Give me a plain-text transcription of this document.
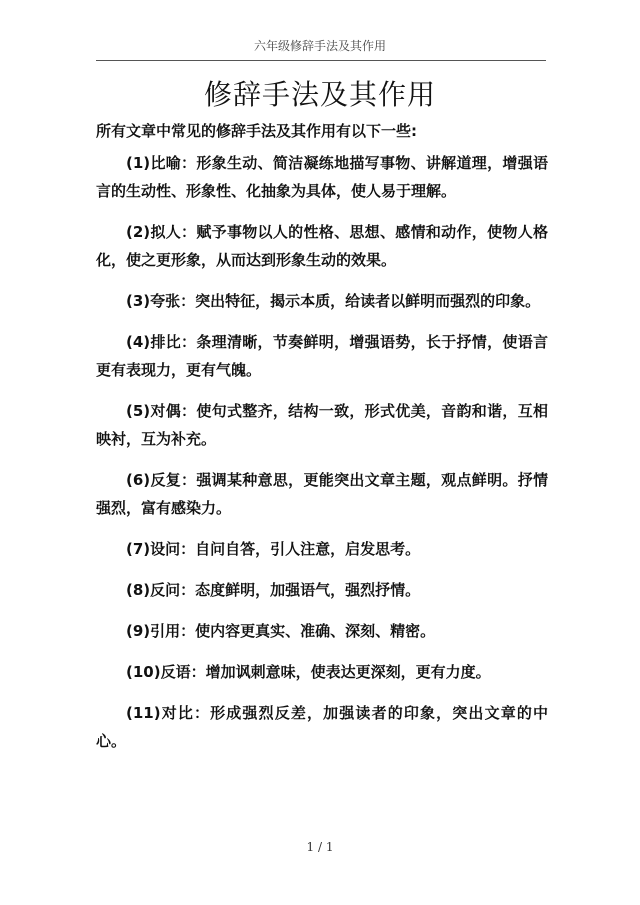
六年级修辞手法及其作用
修辞手法及其作用

所有文章中常见的修辞手法及其作用有以下一些:

(1)比喻：形象生动、简洁凝练地描写事物、讲解道理，增强语言的生动性、形象性、化抽象为具体，使人易于理解。

(2)拟人：赋予事物以人的性格、思想、感情和动作，使物人格化，使之更形象，从而达到形象生动的效果。

(3)夸张：突出特征，揭示本质，给读者以鲜明而强烈的印象。

(4)排比：条理清晰，节奏鲜明，增强语势，长于抒情，使语言更有表现力，更有气魄。

(5)对偶：使句式整齐，结构一致，形式优美，音韵和谐，互相映衬，互为补充。

(6)反复：强调某种意思，更能突出文章主题，观点鲜明。抒情强烈，富有感染力。

(7)设问：自问自答，引人注意，启发思考。

(8)反问：态度鲜明，加强语气，强烈抒情。

(9)引用：使内容更真实、准确、深刻、精密。

(10)反语：增加讽刺意味，使表达更深刻，更有力度。

(11)对比：形成强烈反差，加强读者的印象，突出文章的中心。

1 / 1
